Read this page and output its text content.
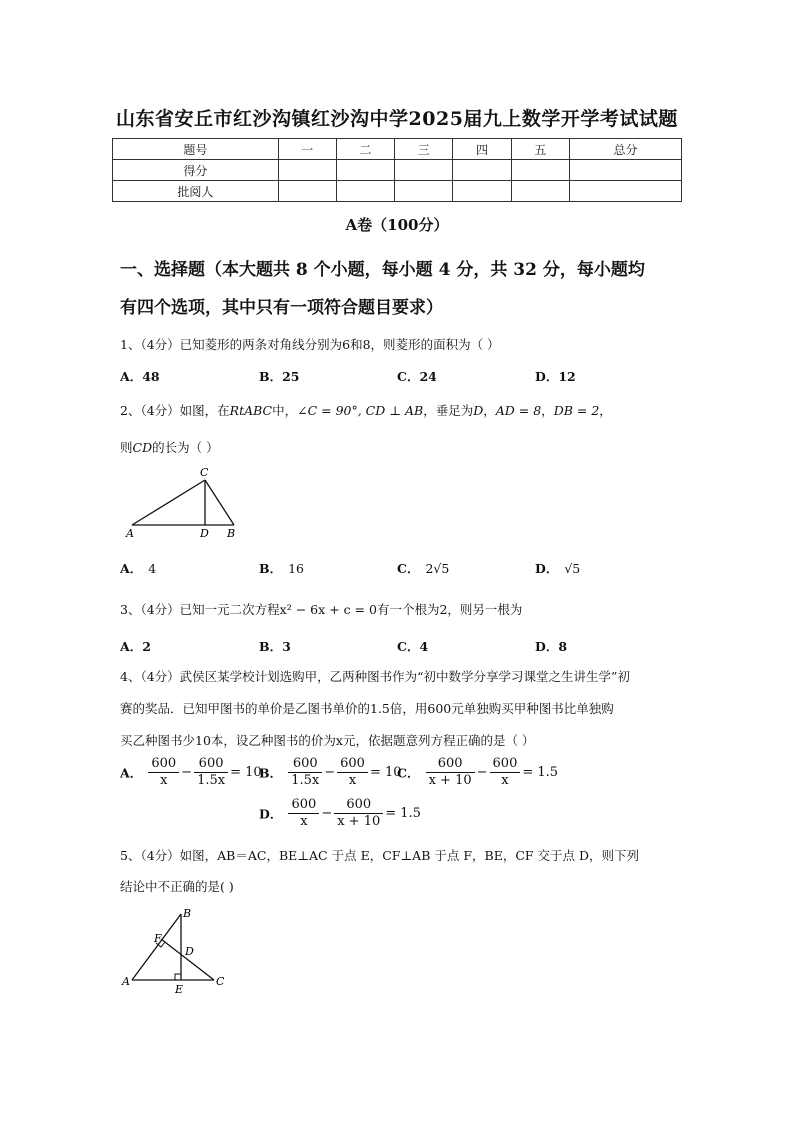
山东省安丘市红沙沟镇红沙沟中学2025届九上数学开学考试试题
题号	一	二	三	四	五	总分
得分						
批阅人						
A卷（100分）
一、选择题（本大题共 8 个小题，每小题 4 分，共 32 分，每小题均
有四个选项，其中只有一项符合题目要求）
1、（4分）已知菱形的两条对角线分别为6和8，则菱形的面积为（ ）
A．48	B．25	C．24	D．12
2、（4分）如图，在RtABC中，∠C = 90°, CD ⊥ AB，垂足为D，AD = 8，DB = 2，
则CD的长为（ ）
C
A	D B
A． 4	B． 16	C． 2√5	D． √5
3、（4分）已知一元二次方程x² − 6x + c = 0有一个根为2，则另一根为
A．2	B．3	C．4	D．8
4、（4分）武侯区某学校计划选购甲，乙两种图书作为“初中数学分享学习课堂之生讲生学”初
赛的奖品．已知甲图书的单价是乙图书单价的1.5倍，用600元单独购买甲种图书比单独购
买乙种图书少10本，设乙种图书的价为x元，依据题意列方程正确的是（ ）
A． $\frac{600}{x} - \frac{600}{1.5x} = 10$
B． $\frac{600}{1.5x} - \frac{600}{x} = 10$
C． $\frac{600}{x + 10} - \frac{600}{x} = 1.5$
D． $\frac{600}{x} - \frac{600}{x + 10} = 1.5$
5、（4分）如图，AB＝AC，BE⊥AC 于点 E，CF⊥AB 于点 F，BE，CF 交于点 D，则下列
结论中不正确的是( )
B
F
D
A
E
C
